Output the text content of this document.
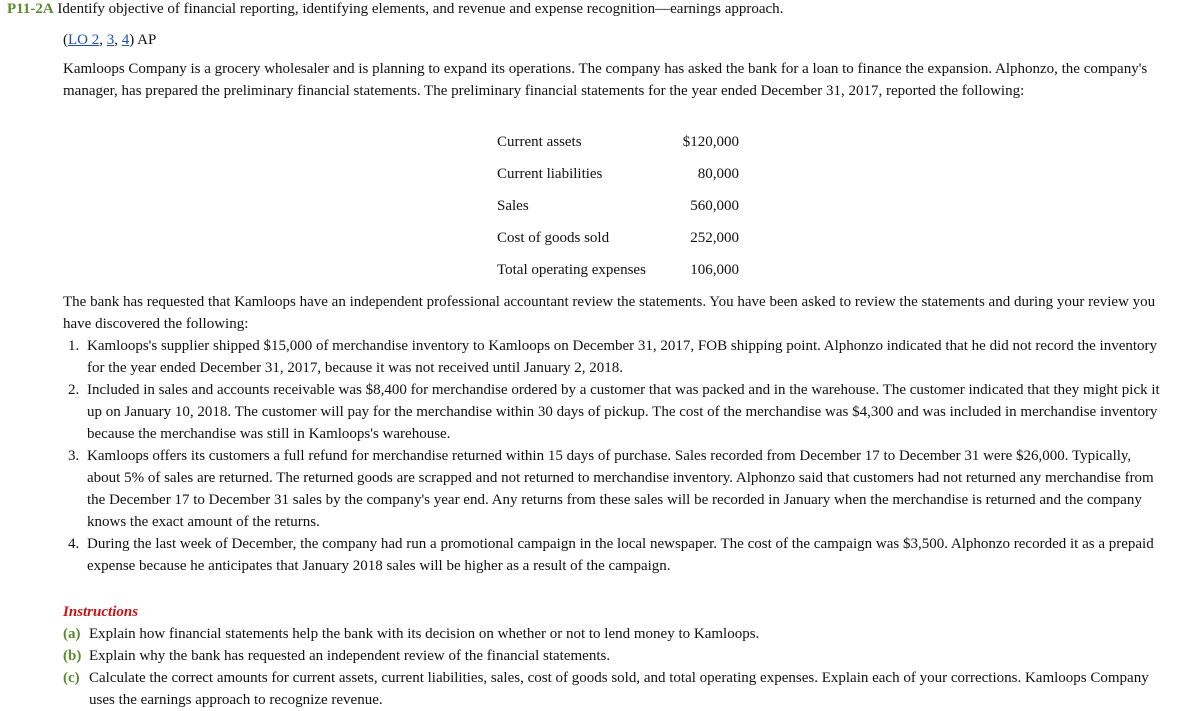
P11-2A Identify objective of financial reporting, identifying elements, and revenue and expense recognition—earnings approach.
(LO 2, 3, 4) AP
Kamloops Company is a grocery wholesaler and is planning to expand its operations. The company has asked the bank for a loan to finance the expansion. Alphonzo, the company's manager, has prepared the preliminary financial statements. The preliminary financial statements for the year ended December 31, 2017, reported the following:
Current assets	$120,000
Current liabilities	80,000
Sales	560,000
Cost of goods sold	252,000
Total operating expenses	106,000
The bank has requested that Kamloops have an independent professional accountant review the statements. You have been asked to review the statements and during your review you have discovered the following:
1. Kamloops's supplier shipped $15,000 of merchandise inventory to Kamloops on December 31, 2017, FOB shipping point. Alphonzo indicated that he did not record the inventory for the year ended December 31, 2017, because it was not received until January 2, 2018.
2. Included in sales and accounts receivable was $8,400 for merchandise ordered by a customer that was packed and in the warehouse. The customer indicated that they might pick it up on January 10, 2018. The customer will pay for the merchandise within 30 days of pickup. The cost of the merchandise was $4,300 and was included in merchandise inventory because the merchandise was still in Kamloops's warehouse.
3. Kamloops offers its customers a full refund for merchandise returned within 15 days of purchase. Sales recorded from December 17 to December 31 were $26,000. Typically, about 5% of sales are returned. The returned goods are scrapped and not returned to merchandise inventory. Alphonzo said that customers had not returned any merchandise from the December 17 to December 31 sales by the company's year end. Any returns from these sales will be recorded in January when the merchandise is returned and the company knows the exact amount of the returns.
4. During the last week of December, the company had run a promotional campaign in the local newspaper. The cost of the campaign was $3,500. Alphonzo recorded it as a prepaid expense because he anticipates that January 2018 sales will be higher as a result of the campaign.
Instructions
(a) Explain how financial statements help the bank with its decision on whether or not to lend money to Kamloops.
(b) Explain why the bank has requested an independent review of the financial statements.
(c) Calculate the correct amounts for current assets, current liabilities, sales, cost of goods sold, and total operating expenses. Explain each of your corrections. Kamloops Company uses the earnings approach to recognize revenue.
